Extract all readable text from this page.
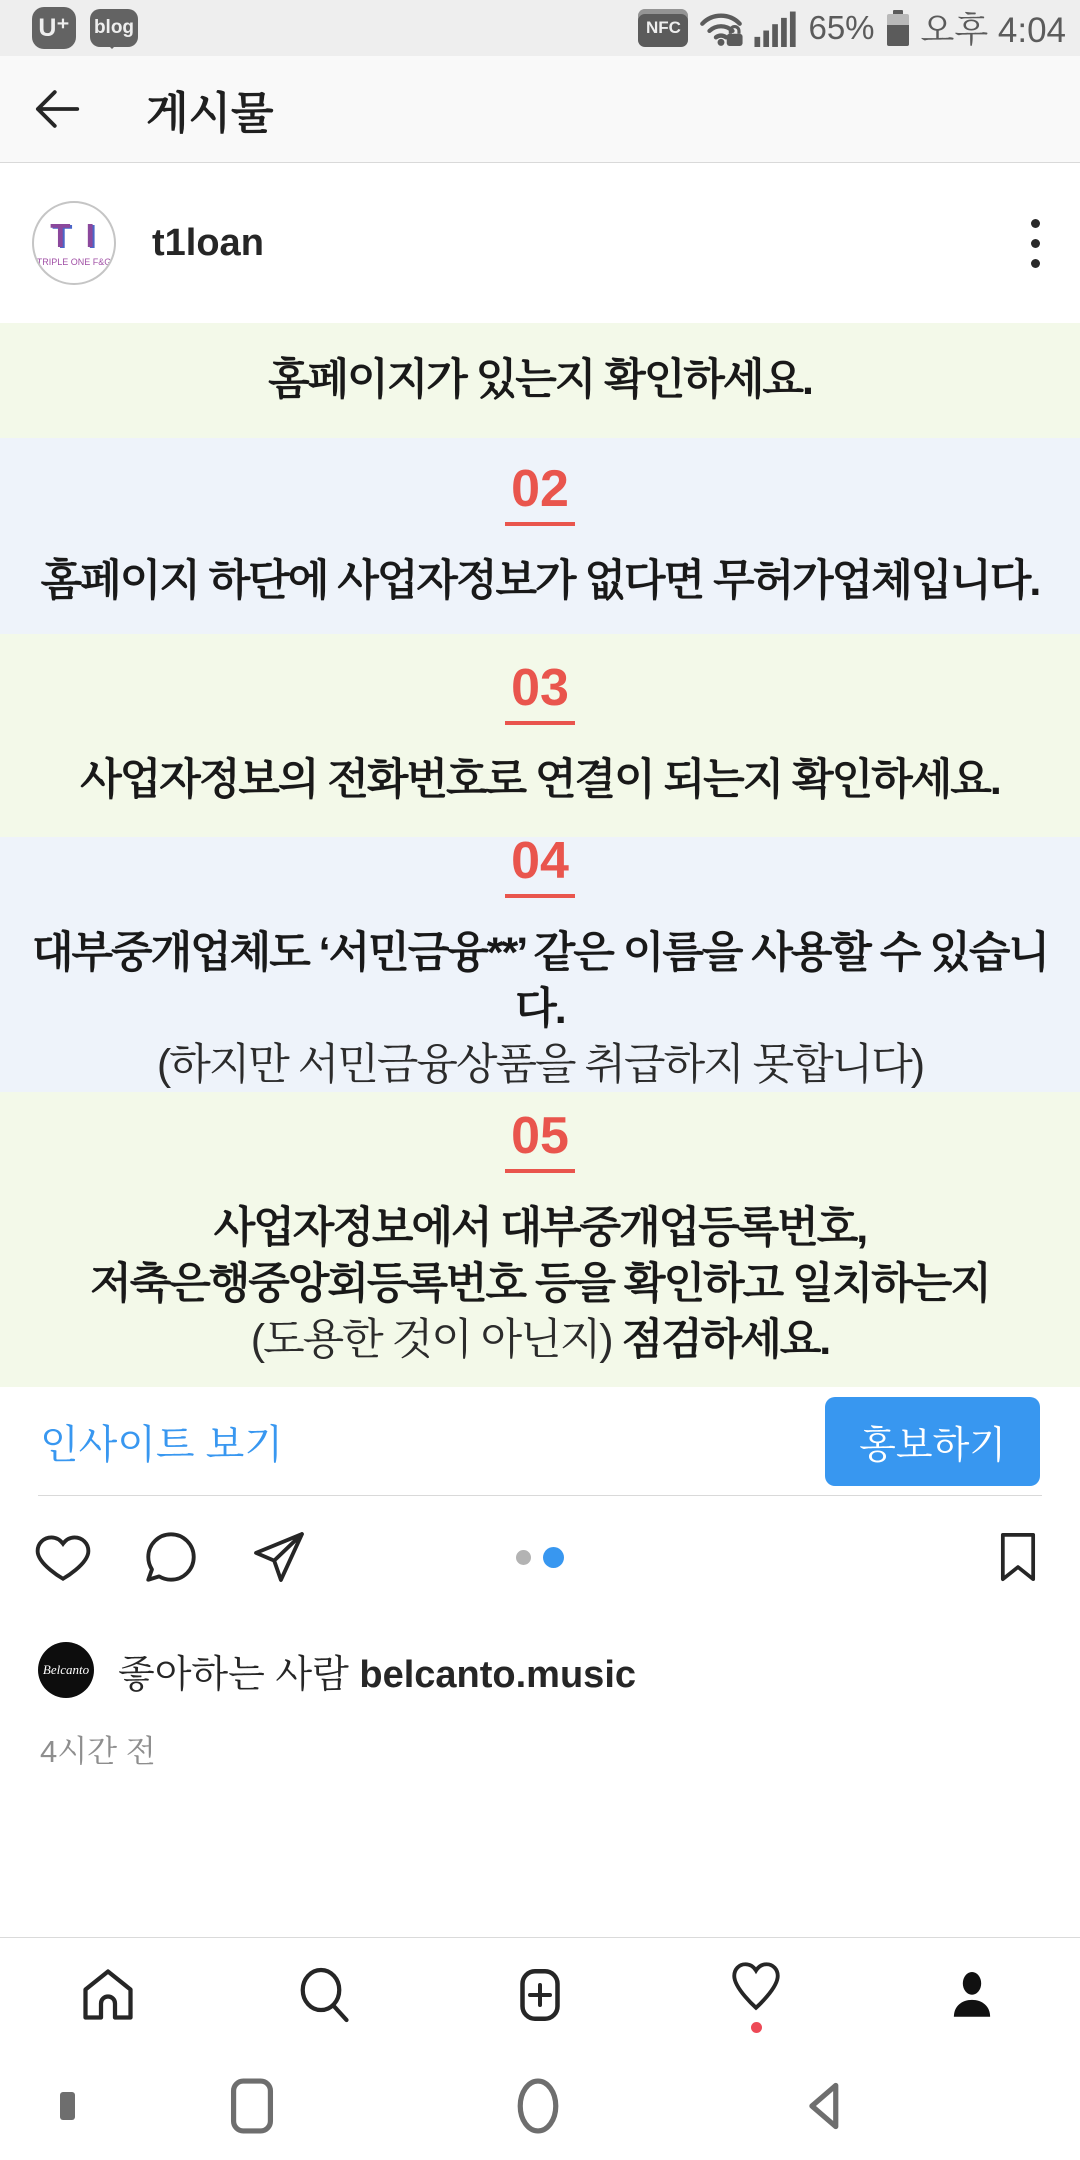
U ⁺	blog	NFC	65% 오후 4:04
게시물
T I
TRIPLE ONE F&G t1loan
홈페이지가 있는지 확인하세요.
02
홈페이지 하단에 사업자정보가 없다면 무허가업체입니다.
03
사업자정보의 전화번호로 연결이 되는지 확인하세요.
04
대부중개업체도 ‘서민금융**’ 같은 이름을 사용할 수 있습니다.
(하지만 서민금융상품을 취급하지 못합니다)
05
사업자정보에서 대부중개업등록번호,
저축은행중앙회등록번호 등을 확인하고 일치하는지
(도용한 것이 아닌지) 점검하세요.
인사이트 보기	홍보하기
Belcanto 좋아하는 사람 belcanto.music
4시간 전
